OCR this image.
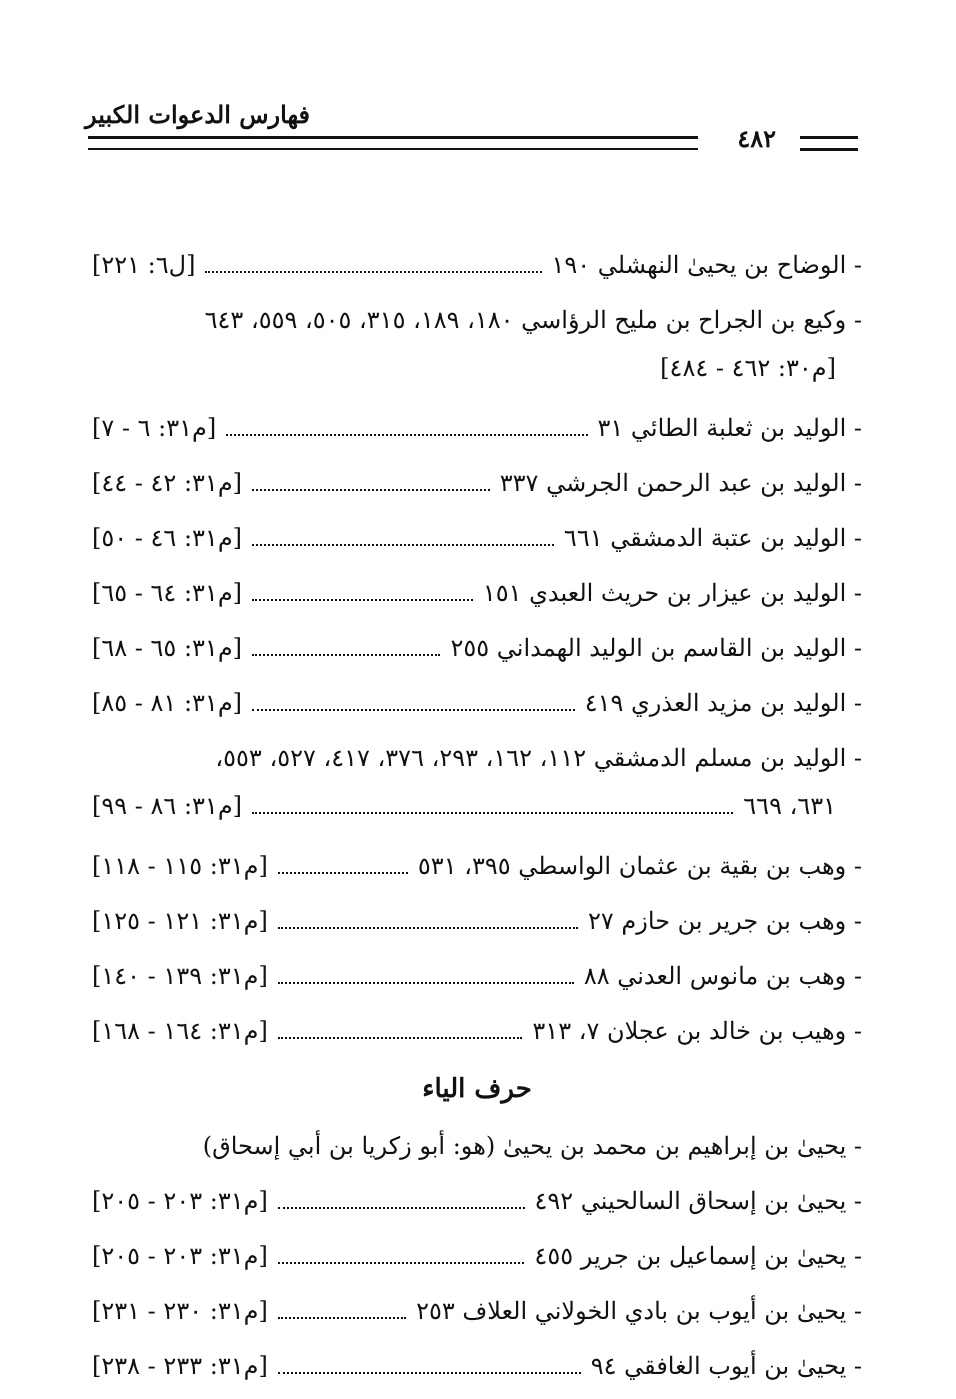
فهارس الدعوات الكبير
٤٨٢
- الوضاح بن يحيىٰ النهشلي ١٩٠
[ل٦: ٢٢١]
- وكيع بن الجراح بن مليح الرؤاسي ١٨٠، ١٨٩، ٣١٥، ٥٠٥، ٥٥٩، ٦٤٣
[م٣٠: ٤٦٢ - ٤٨٤]
- الوليد بن ثعلبة الطائي ٣١
[م٣١: ٦ - ٧]
- الوليد بن عبد الرحمن الجرشي ٣٣٧
[م٣١: ٤٢ - ٤٤]
- الوليد بن عتبة الدمشقي ٦٦١
[م٣١: ٤٦ - ٥٠]
- الوليد بن عيزار بن حريث العبدي ١٥١
[م٣١: ٦٤ - ٦٥]
- الوليد بن القاسم بن الوليد الهمداني ٢٥٥
[م٣١: ٦٥ - ٦٨]
- الوليد بن مزيد العذري ٤١٩
[م٣١: ٨١ - ٨٥]
- الوليد بن مسلم الدمشقي ١١٢، ١٦٢، ٢٩٣، ٣٧٦، ٤١٧، ٥٢٧، ٥٥٣،
٦٣١، ٦٦٩
[م٣١: ٨٦ - ٩٩]
- وهب بن بقية بن عثمان الواسطي ٣٩٥، ٥٣١
[م٣١: ١١٥ - ١١٨]
- وهب بن جرير بن حازم ٢٧
[م٣١: ١٢١ - ١٢٥]
- وهب بن مانوس العدني ٨٨
[م٣١: ١٣٩ - ١٤٠]
- وهيب بن خالد بن عجلان ٧، ٣١٣
[م٣١: ١٦٤ - ١٦٨]
حرف الياء
- يحيىٰ بن إبراهيم بن محمد بن يحيىٰ (هو: أبو زكريا بن أبي إسحاق)
- يحيىٰ بن إسحاق السالحيني ٤٩٢
[م٣١: ٢٠٣ - ٢٠٥]
- يحيىٰ بن إسماعيل بن جرير ٤٥٥
[م٣١: ٢٠٣ - ٢٠٥]
- يحيىٰ بن أيوب بن بادي الخولاني العلاف ٢٥٣
[م٣١: ٢٣٠ - ٢٣١]
- يحيىٰ بن أيوب الغافقي ٩٤
[م٣١: ٢٣٣ - ٢٣٨]
